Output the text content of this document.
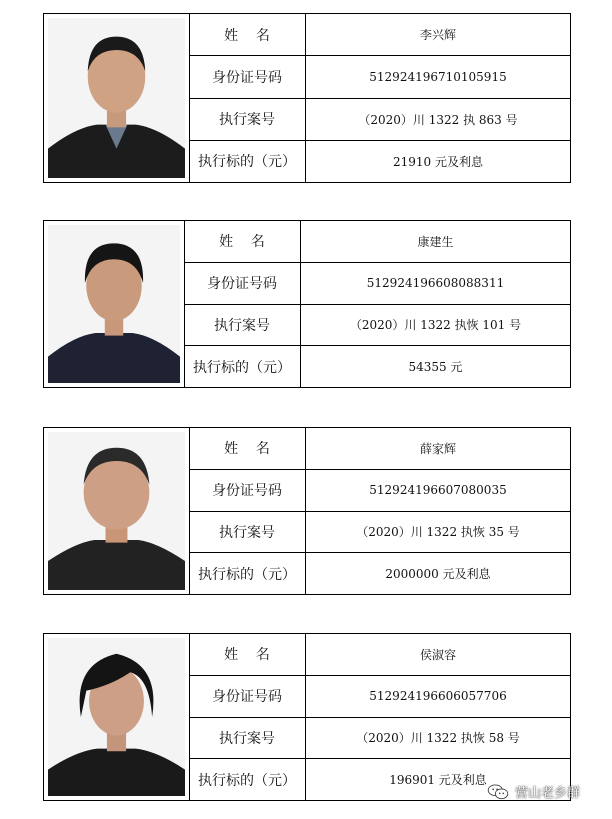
姓    名	李兴辉
身份证号码	512924196710105915
执行案号	（2020）川 1322 执 863 号
执行标的（元）	21910 元及利息
姓    名	康建生
身份证号码	512924196608088311
执行案号	（2020）川 1322 执恢 101 号
执行标的（元）	54355 元
姓    名	薛家辉
身份证号码	512924196607080035
执行案号	（2020）川 1322 执恢 35 号
执行标的（元）	2000000 元及利息
姓    名	侯淑容
身份证号码	512924196606057706
执行案号	（2020）川 1322 执恢 58 号
执行标的（元）	196901 元及利息
营山老乡群
